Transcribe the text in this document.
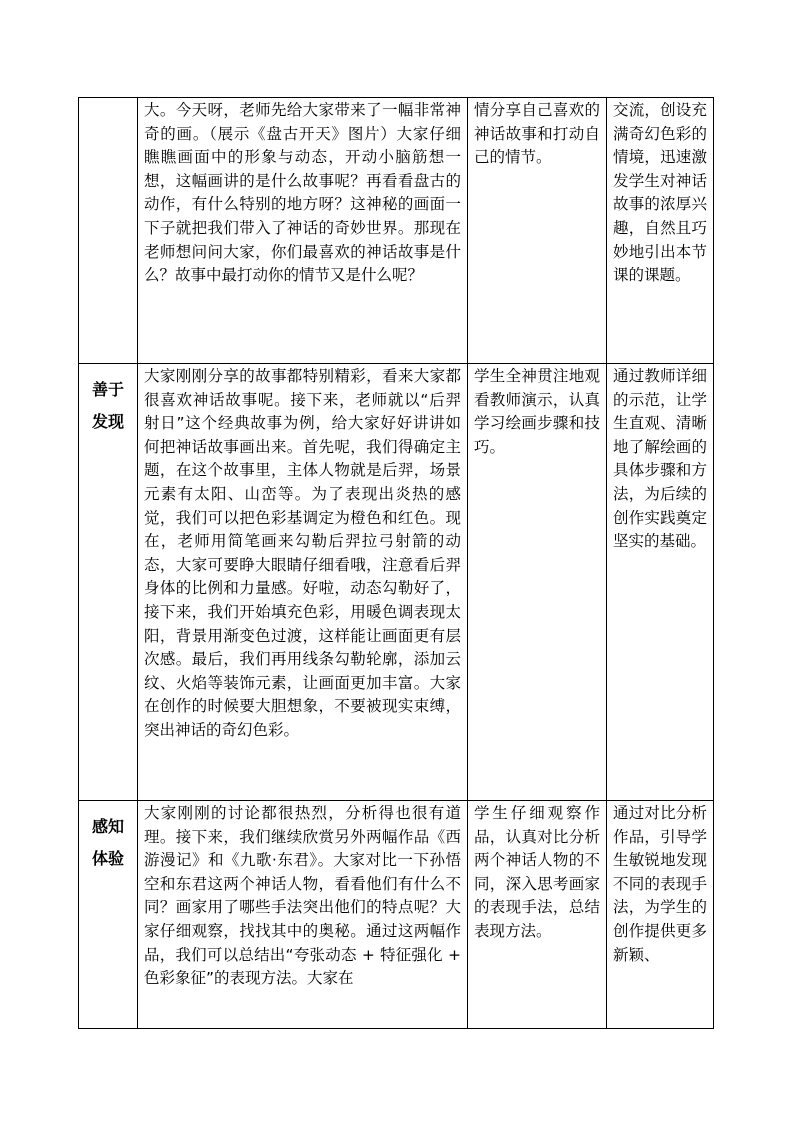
	大。今天呀，老师先给大家带来了一幅非常神奇的画。（展示《盘古开天》图片）大家仔细瞧瞧画面中的形象与动态，开动小脑筋想一想，这幅画讲的是什么故事呢？再看看盘古的动作，有什么特别的地方呀？这神秘的画面一下子就把我们带入了神话的奇妙世界。那现在老师想问问大家，你们最喜欢的神话故事是什么？故事中最打动你的情节又是什么呢？	情分享自己喜欢的神话故事和打动自己的情节。	交流，创设充满奇幻色彩的情境，迅速激发学生对神话故事的浓厚兴趣，自然且巧妙地引出本节课的课题。

善于
发现	大家刚刚分享的故事都特别精彩，看来大家都很喜欢神话故事呢。接下来，老师就以“后羿射日”这个经典故事为例，给大家好好讲讲如何把神话故事画出来。首先呢，我们得确定主题，在这个故事里，主体人物就是后羿，场景元素有太阳、山峦等。为了表现出炎热的感觉，我们可以把色彩基调定为橙色和红色。现在，老师用简笔画来勾勒后羿拉弓射箭的动态，大家可要睁大眼睛仔细看哦，注意看后羿身体的比例和力量感。好啦，动态勾勒好了，接下来，我们开始填充色彩，用暖色调表现太阳，背景用渐变色过渡，这样能让画面更有层次感。最后，我们再用线条勾勒轮廓，添加云纹、火焰等装饰元素，让画面更加丰富。大家在创作的时候要大胆想象，不要被现实束缚，突出神话的奇幻色彩。	学生全神贯注地观看教师演示，认真学习绘画步骤和技巧。	通过教师详细的示范，让学生直观、清晰地了解绘画的具体步骤和方法，为后续的创作实践奠定坚实的基础。

感知
体验	大家刚刚的讨论都很热烈，分析得也很有道理。接下来，我们继续欣赏另外两幅作品《西游漫记》和《九歌·东君》。大家对比一下孙悟空和东君这两个神话人物，看看他们有什么不同？画家用了哪些手法突出他们的特点呢？大家仔细观察，找找其中的奥秘。通过这两幅作品，我们可以总结出“夸张动态 + 特征强化 + 色彩象征”的表现方法。大家在	学生仔细观察作品，认真对比分析两个神话人物的不同，深入思考画家的表现手法，总结表现方法。	通过对比分析作品，引导学生敏锐地发现不同的表现手法，为学生的创作提供更多新颖、
